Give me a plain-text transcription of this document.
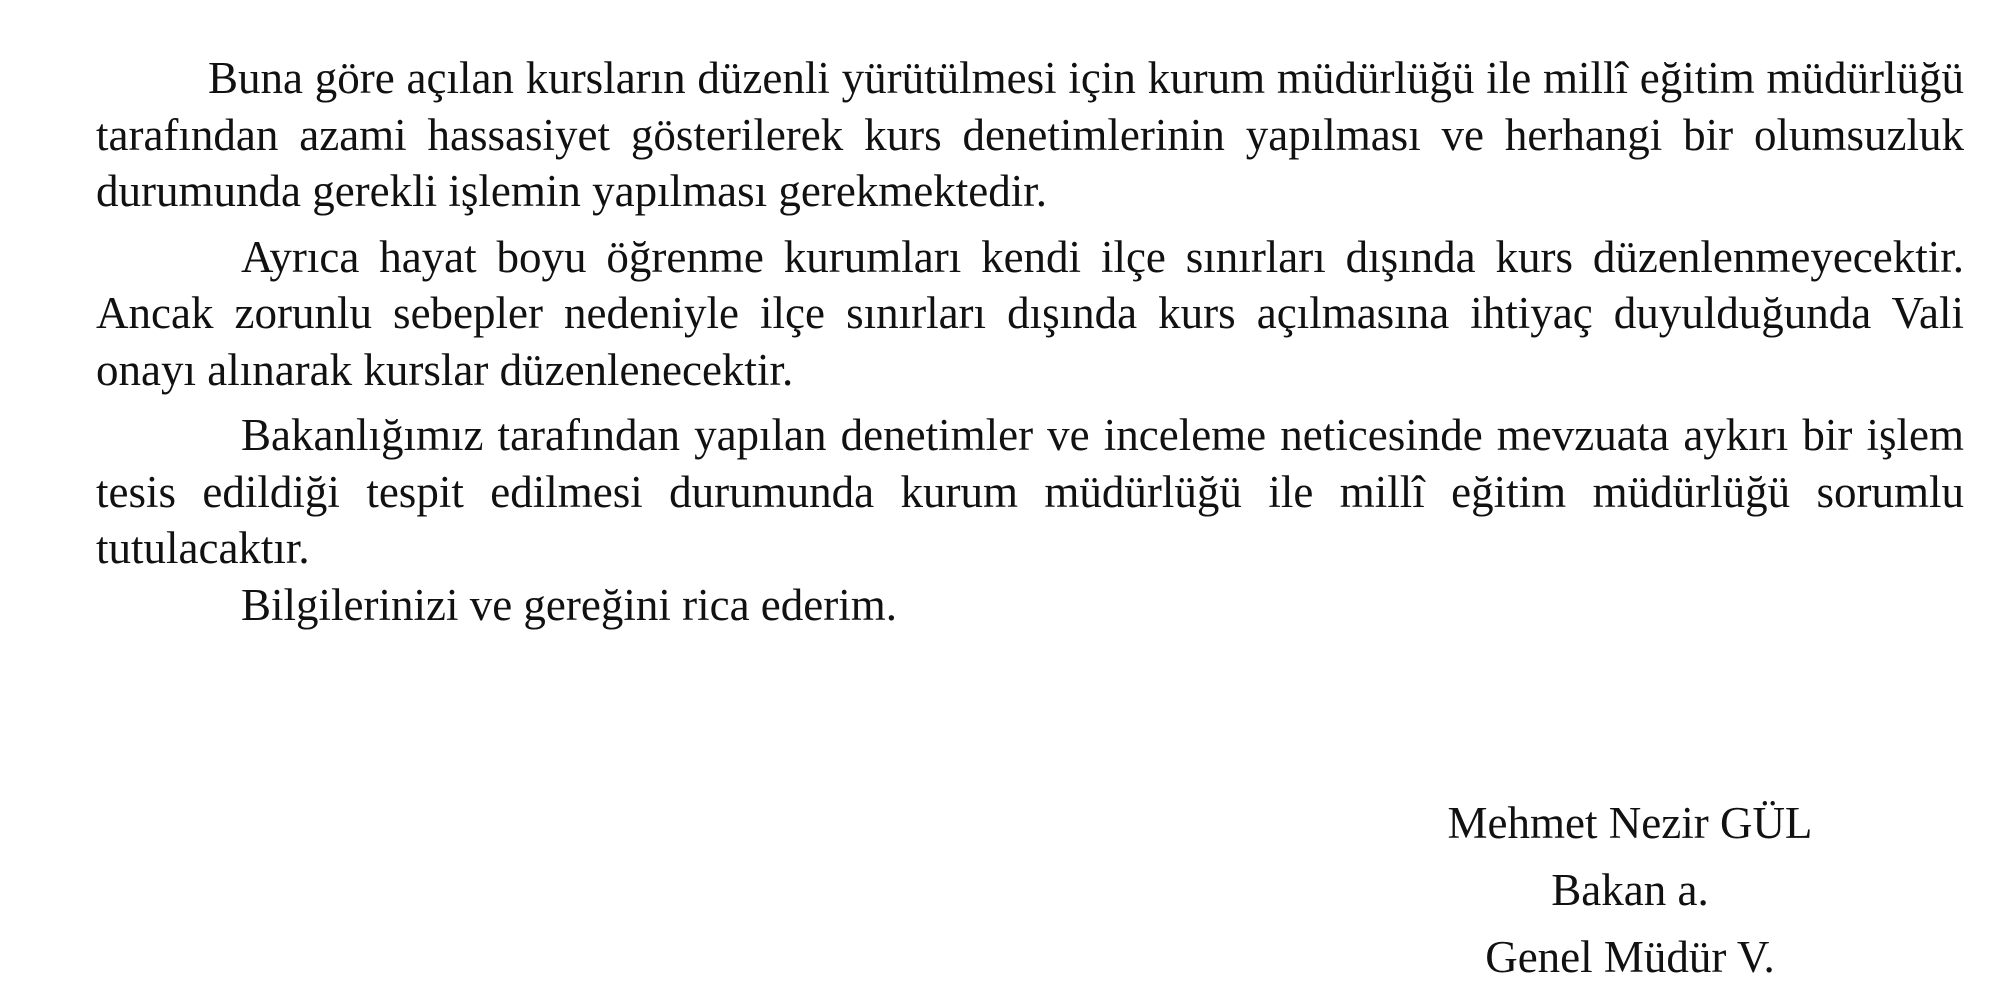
Buna göre açılan kursların düzenli yürütülmesi için kurum müdürlüğü ile millî eğitim müdürlüğü tarafından azami hassasiyet gösterilerek kurs denetimlerinin yapılması ve herhangi bir olumsuzluk durumunda gerekli işlemin yapılması gerekmektedir.

Ayrıca hayat boyu öğrenme kurumları kendi ilçe sınırları dışında kurs düzenlenmeyecektir. Ancak zorunlu sebepler nedeniyle ilçe sınırları dışında kurs açılmasına ihtiyaç duyulduğunda Vali onayı alınarak kurslar düzenlenecektir.

Bakanlığımız tarafından yapılan denetimler ve inceleme neticesinde mevzuata aykırı bir işlem tesis edildiği tespit edilmesi durumunda kurum müdürlüğü ile millî eğitim müdürlüğü sorumlu tutulacaktır.

Bilgilerinizi ve gereğini rica ederim.

Mehmet Nezir GÜL
Bakan a.
Genel Müdür V.
